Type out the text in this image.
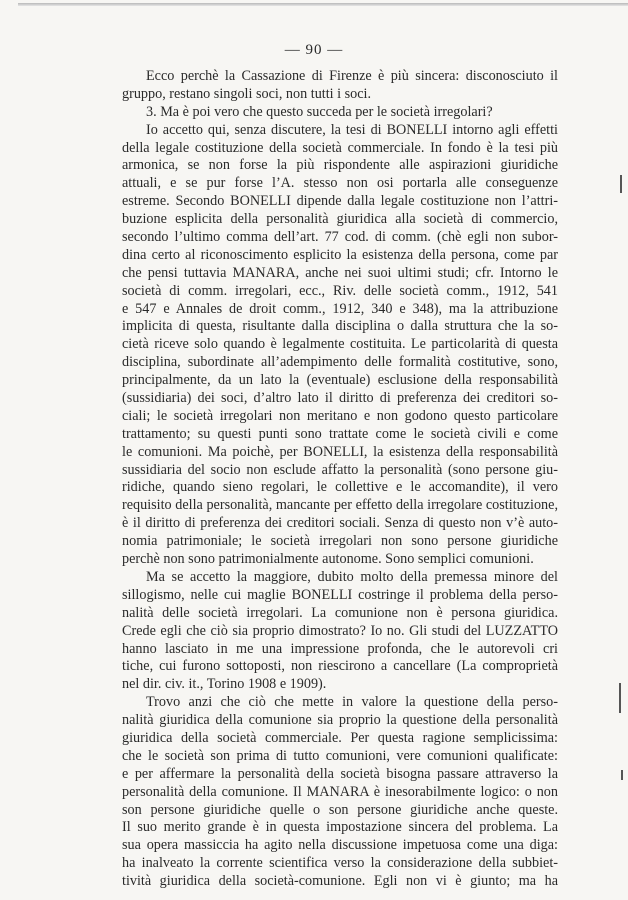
— 90 —
Ecco perchè la Cassazione di Firenze è più sincera: disconosciuto il
gruppo, restano singoli soci, non tutti i soci.
3. Ma è poi vero che questo succeda per le società irregolari?
Io accetto qui, senza discutere, la tesi di BONELLI intorno agli effetti
della legale costituzione della società commerciale. In fondo è la tesi più
armonica, se non forse la più rispondente alle aspirazioni giuridiche
attuali, e se pur forse l’A. stesso non osi portarla alle conseguenze
estreme. Secondo BONELLI dipende dalla legale costituzione non l’attri-
buzione esplicita della personalità giuridica alla società di commercio,
secondo l’ultimo comma dell’art. 77 cod. di comm. (chè egli non subor-
dina certo al riconoscimento esplicito la esistenza della persona, come par
che pensi tuttavia MANARA, anche nei suoi ultimi studi; cfr. Intorno le
società di comm. irregolari, ecc., Riv. delle società comm., 1912, 541
e 547 e Annales de droit comm., 1912, 340 e 348), ma la attribuzione
implicita di questa, risultante dalla disciplina o dalla struttura che la so-
cietà riceve solo quando è legalmente costituita. Le particolarità di questa
disciplina, subordinate all’adempimento delle formalità costitutive, sono,
principalmente, da un lato la (eventuale) esclusione della responsabilità
(sussidiaria) dei soci, d’altro lato il diritto di preferenza dei creditori so-
ciali; le società irregolari non meritano e non godono questo particolare
trattamento; su questi punti sono trattate come le società civili e come
le comunioni. Ma poichè, per BONELLI, la esistenza della responsabilità
sussidiaria del socio non esclude affatto la personalità (sono persone giu-
ridiche, quando sieno regolari, le collettive e le accomandite), il vero
requisito della personalità, mancante per effetto della irregolare costituzione,
è il diritto di preferenza dei creditori sociali. Senza di questo non v’è auto-
nomia patrimoniale; le società irregolari non sono persone giuridiche
perchè non sono patrimonialmente autonome. Sono semplici comunioni.
Ma se accetto la maggiore, dubito molto della premessa minore del
sillogismo, nelle cui maglie BONELLI costringe il problema della perso-
nalità delle società irregolari. La comunione non è persona giuridica.
Crede egli che ciò sia proprio dimostrato? Io no. Gli studi del LUZZATTO
hanno lasciato in me una impressione profonda, che le autorevoli cri
tiche, cui furono sottoposti, non riescirono a cancellare (La comproprietà
nel dir. civ. it., Torino 1908 e 1909).
Trovo anzi che ciò che mette in valore la questione della perso-
nalità giuridica della comunione sia proprio la questione della personalità
giuridica della società commerciale. Per questa ragione semplicissima:
che le società son prima di tutto comunioni, vere comunioni qualificate:
e per affermare la personalità della società bisogna passare attraverso la
personalità della comunione. Il MANARA è inesorabilmente logico: o non
son persone giuridiche quelle o son persone giuridiche anche queste.
Il suo merito grande è in questa impostazione sincera del problema. La
sua opera massiccia ha agito nella discussione impetuosa come una diga:
ha inalveato la corrente scientifica verso la considerazione della subbiet-
tività giuridica della società-comunione. Egli non vi è giunto; ma ha
